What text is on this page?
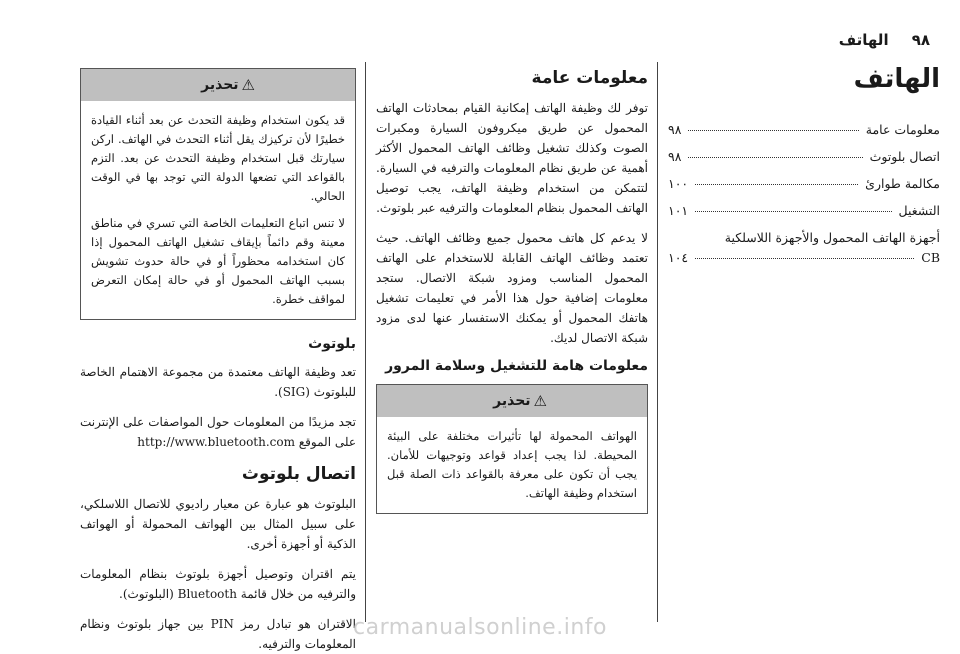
٩٨ الهاتف
الهاتف
معلومات عامة
٩٨
اتصال بلوتوث
٩٨
مكالمة طوارئ
١٠٠
التشغيل
١٠١
أجهزة الهاتف المحمول والأجهزة اللاسلكية
CB
١٠٤
معلومات عامة

توفر لك وظيفة الهاتف إمكانية القيام بمحادثات الهاتف المحمول عن طريق ميكروفون السيارة ومكبرات الصوت وكذلك تشغيل وظائف الهاتف المحمول الأكثر أهمية عن طريق نظام المعلومات والترفيه في السيارة. لتتمكن من استخدام وظيفة الهاتف، يجب توصيل الهاتف المحمول بنظام المعلومات والترفيه عبر بلوتوث.

لا يدعم كل هاتف محمول جميع وظائف الهاتف. حيث تعتمد وظائف الهاتف القابلة للاستخدام على الهاتف المحمول المناسب ومزود شبكة الاتصال. ستجد معلومات إضافية حول هذا الأمر في تعليمات تشغيل هاتفك المحمول أو يمكنك الاستفسار عنها لدى مزود شبكة الاتصال لديك.

معلومات هامة للتشغيل وسلامة المرور
⚠
تحذير

الهواتف المحمولة لها تأثيرات مختلفة على البيئة المحيطة. لذا يجب إعداد قواعد وتوجيهات للأمان. يجب أن تكون على معرفة بالقواعد ذات الصلة قبل استخدام وظيفة الهاتف.

⚠
تحذير

قد يكون استخدام وظيفة التحدث عن بعد أثناء القيادة خطيرًا لأن تركيزك يقل أثناء التحدث في الهاتف. اركن سيارتك قبل استخدام وظيفة التحدث عن بعد. التزم بالقواعد التي تضعها الدولة التي توجد بها في الوقت الحالي.

لا تنس اتباع التعليمات الخاصة التي تسري في مناطق معينة وقم دائماً بإيقاف تشغيل الهاتف المحمول إذا كان استخدامه محظوراً أو في حالة حدوث تشويش بسبب الهاتف المحمول أو في حالة إمكان التعرض لمواقف خطرة.

بلوتوث

تعد وظيفة الهاتف معتمدة من مجموعة الاهتمام الخاصة للبلوتوث (SIG).

تجد مزيدًا من المعلومات حول المواصفات على الإنترنت على الموقع http://www.bluetooth.com

اتصال بلوتوث

البلوتوث هو عبارة عن معيار راديوي للاتصال اللاسلكي، على سبيل المثال بين الهواتف المحمولة أو الهواتف الذكية أو أجهزة أخرى.

يتم اقتران وتوصيل أجهزة بلوتوث بنظام المعلومات والترفيه من خلال قائمة Bluetooth (البلوتوث).

الاقتران هو تبادل رمز PIN بين جهاز بلوتوث ونظام المعلومات والترفيه.

carmanualsonline.info
